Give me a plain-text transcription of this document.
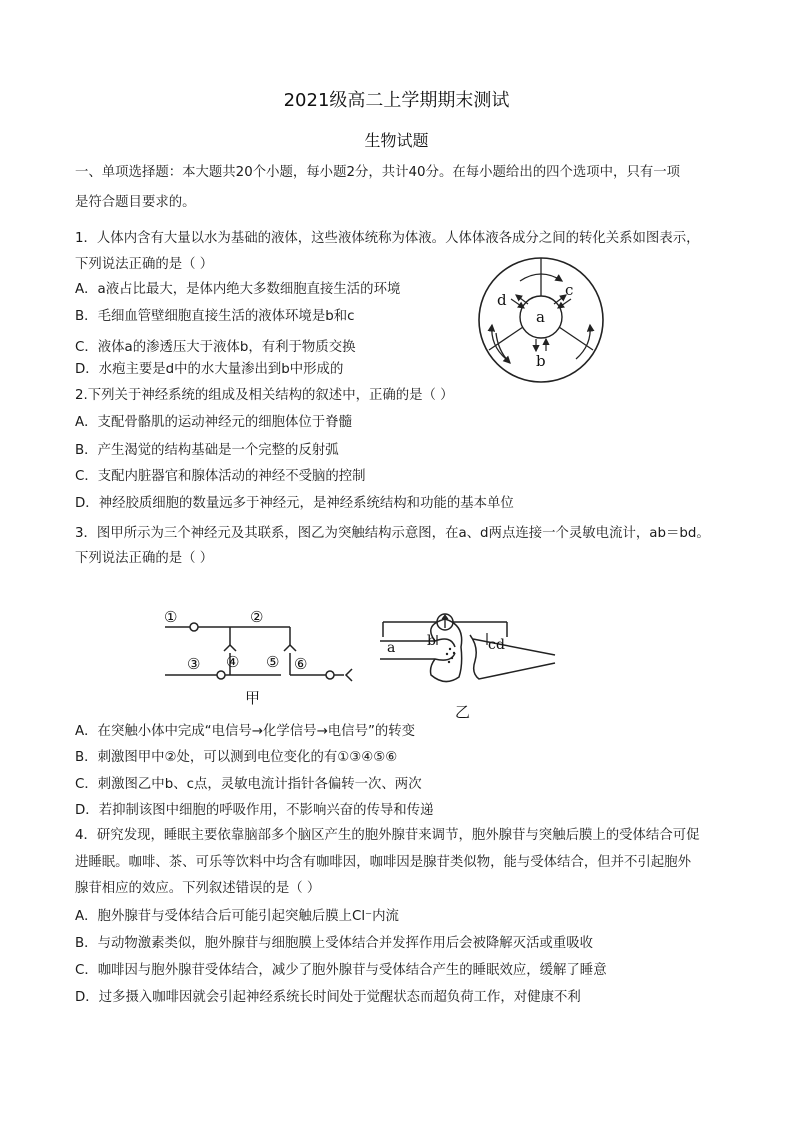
2021级高二上学期期末测试
生物试题
一、单项选择题：本大题共20个小题，每小题2分，共计40分。在每小题给出的四个选项中，只有一项
是符合题目要求的。
1．人体内含有大量以水为基础的液体，这些液体统称为体液。人体体液各成分之间的转化关系如图表示，
下列说法正确的是（ ）
A．a液占比最大，是体内绝大多数细胞直接生活的环境
B．毛细血管壁细胞直接生活的液体环境是b和c
C．液体a的渗透压大于液体b，有利于物质交换
D．水疱主要是d中的水大量渗出到b中形成的
a
b
c
d
2.下列关于神经系统的组成及相关结构的叙述中，正确的是（ ）
A．支配骨骼肌的运动神经元的细胞体位于脊髓
B．产生渴觉的结构基础是一个完整的反射弧
C．支配内脏器官和腺体活动的神经不受脑的控制
D．神经胶质细胞的数量远多于神经元，是神经系统结构和功能的基本单位
3．图甲所示为三个神经元及其联系，图乙为突触结构示意图，在a、d两点连接一个灵敏电流计，ab＝bd。
下列说法正确的是（ ）
①	②
③ ④ ⑤ ⑥
甲
a b	c d
乙
A．在突触小体中完成“电信号→化学信号→电信号”的转变
B．刺激图甲中②处，可以测到电位变化的有①③④⑤⑥
C．刺激图乙中b、c点，灵敏电流计指针各偏转一次、两次
D．若抑制该图中细胞的呼吸作用，不影响兴奋的传导和传递
4．研究发现，睡眠主要依靠脑部多个脑区产生的胞外腺苷来调节，胞外腺苷与突触后膜上的受体结合可促
进睡眠。咖啡、茶、可乐等饮料中均含有咖啡因，咖啡因是腺苷类似物，能与受体结合，但并不引起胞外
腺苷相应的效应。下列叙述错误的是（ ）
A．胞外腺苷与受体结合后可能引起突触后膜上Cl⁻内流
B．与动物激素类似，胞外腺苷与细胞膜上受体结合并发挥作用后会被降解灭活或重吸收
C．咖啡因与胞外腺苷受体结合，减少了胞外腺苷与受体结合产生的睡眠效应，缓解了睡意
D．过多摄入咖啡因就会引起神经系统长时间处于觉醒状态而超负荷工作，对健康不利
